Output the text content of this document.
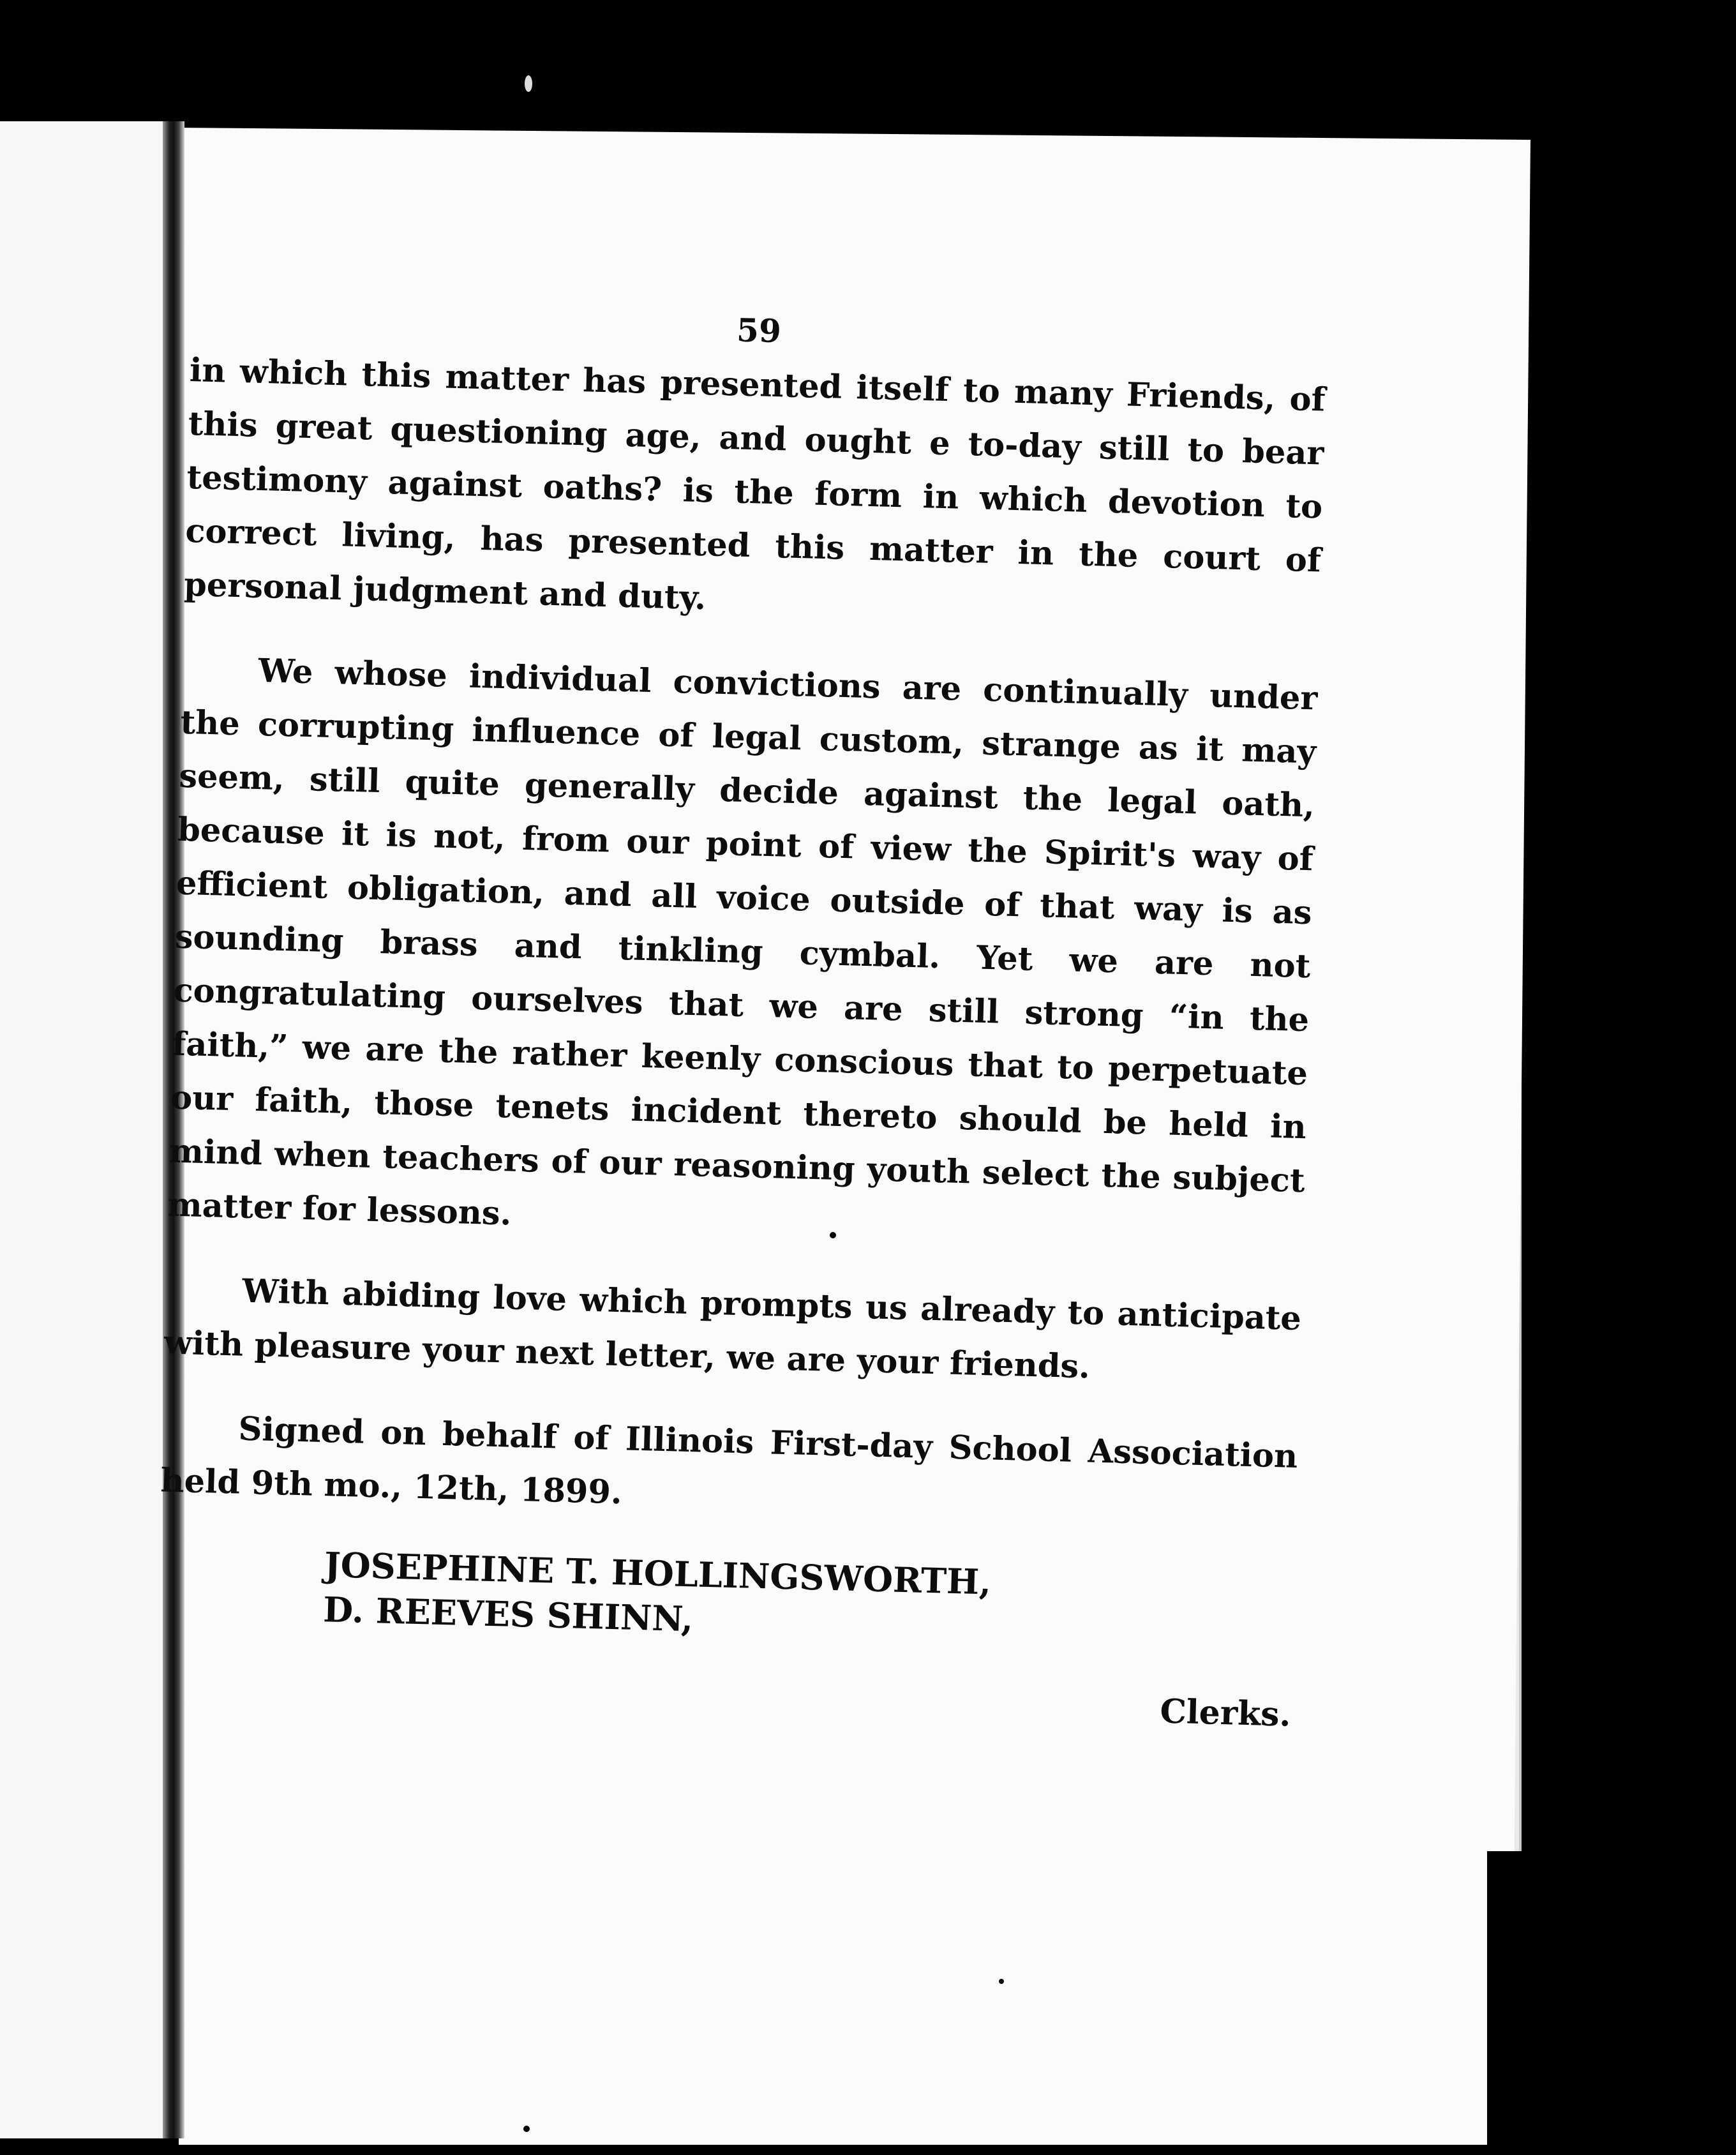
59

in which this matter has presented itself to many Friends, of this great questioning age, and ought e to-day still to bear testimony against oaths? is the form in which devotion to correct living, has presented this matter in the court of personal judgment and duty.

We whose individual convictions are continually under the corrupting influence of legal custom, strange as it may seem, still quite generally decide against the legal oath, because it is not, from our point of view the Spirit's way of efficient obligation, and all voice outside of that way is as sounding brass and tinkling cymbal. Yet we are not congratulating ourselves that we are still strong “in the faith,” we are the rather keenly conscious that to perpetuate our faith, those tenets incident thereto should be held in mind when teachers of our reasoning youth select the subject matter for lessons.

With abiding love which prompts us already to anticipate with pleasure your next letter, we are your friends.

Signed on behalf of Illinois First-day School Association held 9th mo., 12th, 1899.

JOSEPHINE T. HOLLINGSWORTH,
D. REEVES SHINN,
Clerks.
